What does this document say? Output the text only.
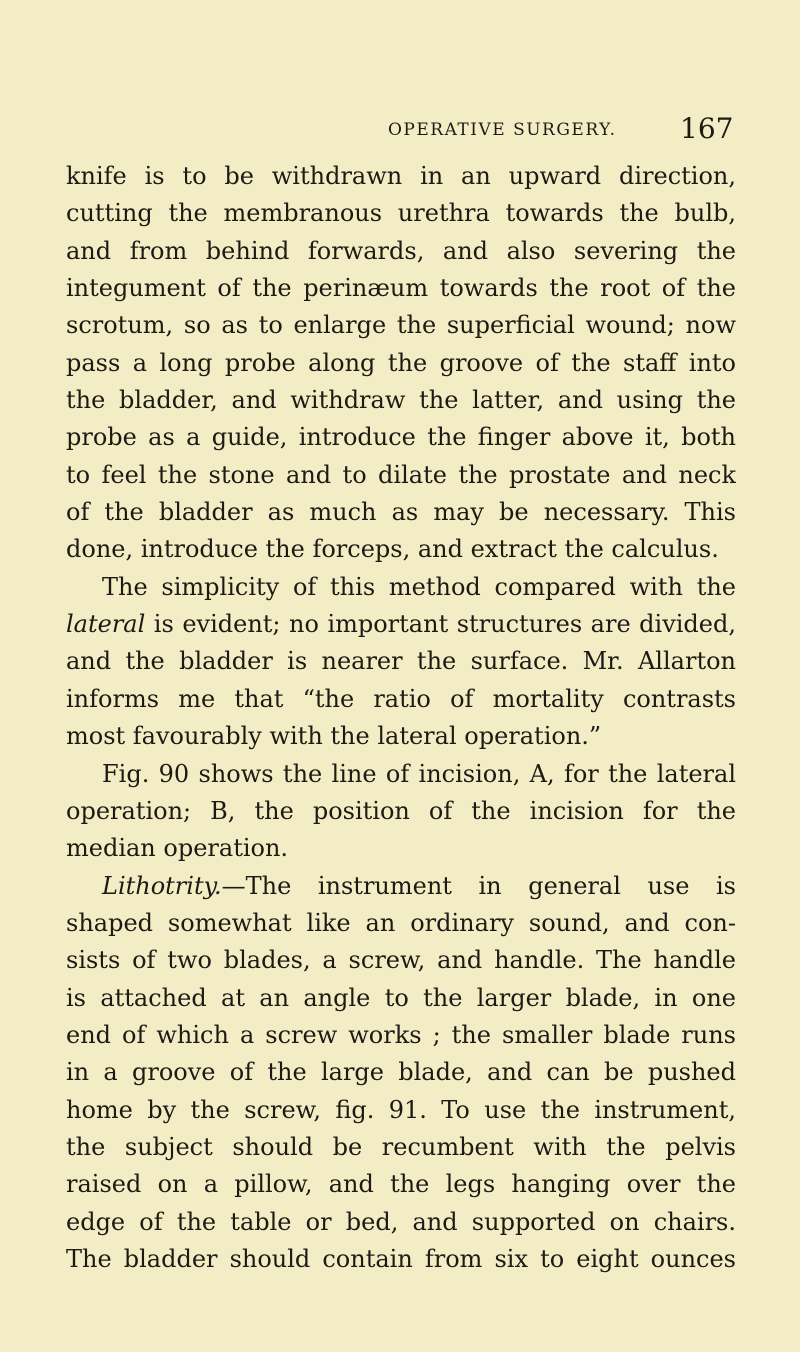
OPERATIVE SURGERY. 167
knife is to be withdrawn in an upward direction,
cutting the membranous urethra towards the bulb,
and from behind forwards, and also severing the
integument of the perinæum towards the root of the
scrotum, so as to enlarge the superficial wound; now
pass a long probe along the groove of the staff into
the bladder, and withdraw the latter, and using the
probe as a guide, introduce the finger above it, both
to feel the stone and to dilate the prostate and neck
of the bladder as much as may be necessary. This
done, introduce the forceps, and extract the calculus.
The simplicity of this method compared with the
lateral is evident; no important structures are divided,
and the bladder is nearer the surface. Mr. Allarton
informs me that “the ratio of mortality contrasts
most favourably with the lateral operation.”
Fig. 90 shows the line of incision, A, for the lateral
operation; B, the position of the incision for the
median operation.
Lithotrity.—The instrument in general use is
shaped somewhat like an ordinary sound, and con-
sists of two blades, a screw, and handle. The handle
is attached at an angle to the larger blade, in one
end of which a screw works ; the smaller blade runs
in a groove of the large blade, and can be pushed
home by the screw, fig. 91. To use the instrument,
the subject should be recumbent with the pelvis
raised on a pillow, and the legs hanging over the
edge of the table or bed, and supported on chairs.
The bladder should contain from six to eight ounces
